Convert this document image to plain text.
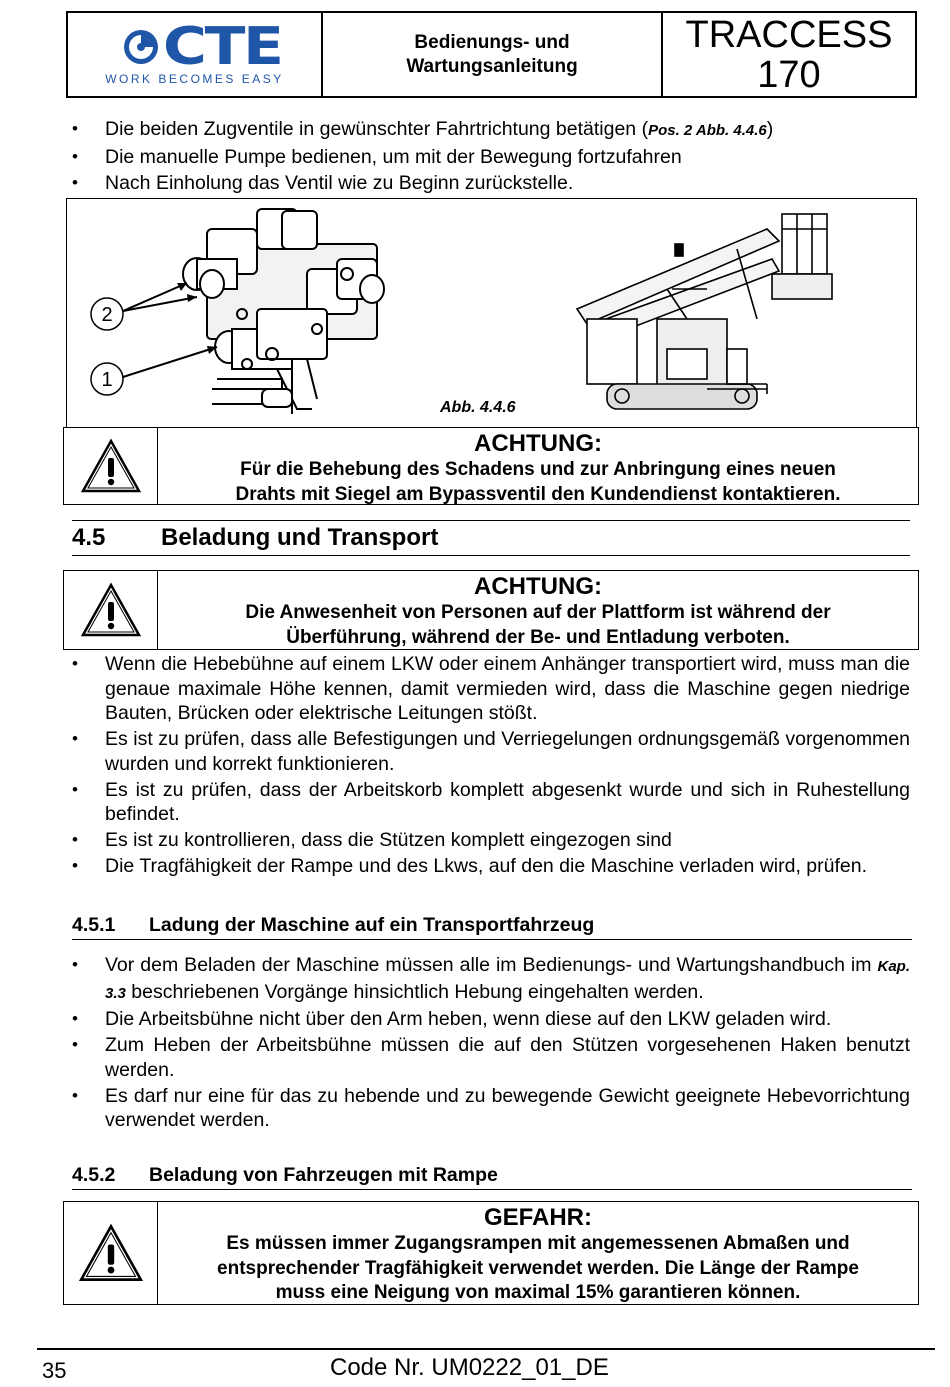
CTE
WORK BECOMES EASY
Bedienungs- und
Wartungsanleitung
TRACCESS
170
• Die beiden Zugventile in gewünschter Fahrtrichtung betätigen (Pos. 2 Abb. 4.4.6)
• Die manuelle Pumpe bedienen, um mit der Bewegung fortzufahren
• Nach Einholung das Ventil wie zu Beginn zurückstelle.
2
1
Abb. 4.4.6
ACHTUNG:
Für die Behebung des Schadens und zur Anbringung eines neuen
Drahts mit Siegel am Bypassventil den Kundendienst kontaktieren.
4.5 Beladung und Transport
ACHTUNG:
Die Anwesenheit von Personen auf der Plattform ist während der
Überführung, während der Be- und Entladung verboten.
• Wenn die Hebebühne auf einem LKW oder einem Anhänger transportiert wird, muss man die genaue maximale Höhe kennen, damit vermieden wird, dass die Maschine gegen niedrige Bauten, Brücken oder elektrische Leitungen stößt.
• Es ist zu prüfen, dass alle Befestigungen und Verriegelungen ordnungsgemäß vorgenommen wurden und korrekt funktionieren.
• Es ist zu prüfen, dass der Arbeitskorb komplett abgesenkt wurde und sich in Ruhestellung befindet.
• Es ist zu kontrollieren, dass die Stützen komplett eingezogen sind
• Die Tragfähigkeit der Rampe und des Lkws, auf den die Maschine verladen wird, prüfen.
4.5.1 Ladung der Maschine auf ein Transportfahrzeug
• Vor dem Beladen der Maschine müssen alle im Bedienungs- und Wartungshandbuch im Kap. 3.3 beschriebenen Vorgänge hinsichtlich Hebung eingehalten werden.
• Die Arbeitsbühne nicht über den Arm heben, wenn diese auf den LKW geladen wird.
• Zum Heben der Arbeitsbühne müssen die auf den Stützen vorgesehenen Haken benutzt werden.
• Es darf nur eine für das zu hebende und zu bewegende Gewicht geeignete Hebevorrichtung verwendet werden.
4.5.2 Beladung von Fahrzeugen mit Rampe
GEFAHR:
Es müssen immer Zugangsrampen mit angemessenen Abmaßen und
entsprechender Tragfähigkeit verwendet werden. Die Länge der Rampe
muss eine Neigung von maximal 15% garantieren können.
35	Code Nr. UM0222_01_DE
